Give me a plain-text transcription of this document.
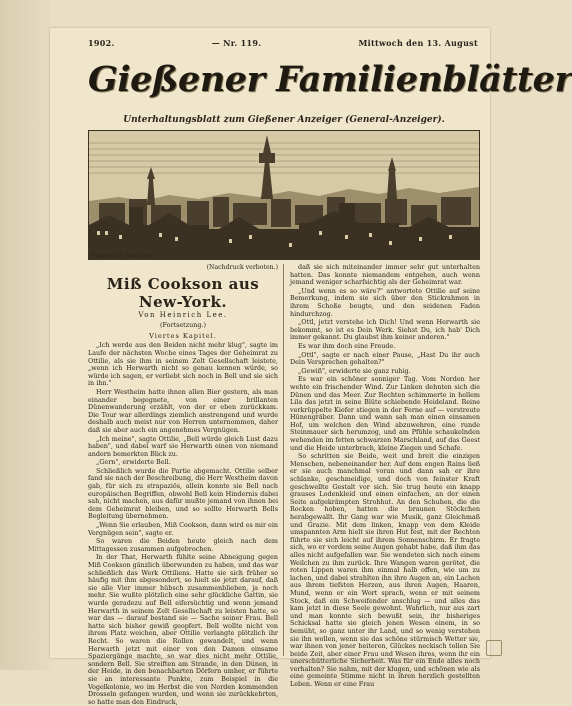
1902.	— Nr. 119.	Mittwoch den 13. August
Gießener Familienblätter
Unterhaltungsblatt zum Gießener Anzeiger (General-Anzeiger).
Photogr. Aufn. E. Maul, Gießen.
(Nachdruck verboten.)
Miß Cookson aus New-York.
Von Heinrich Lee.
(Fortsetzung.)
Viertes Kapitel.

„Ich werde aus den Beiden nicht mehr klug", sagte im Laufe der nächsten Woche eines Tages der Geheimrat zu Ottilie, als sie ihm in seinem Zelt Gesellschaft leistete, „wenn ich Herwarth nicht so genau kennen würde, so würde ich sagen, er verliebt sich noch in Bell und sie sich in ihn."

Herr Westheim hatte ihnen allen Bier gestern, als man einander begegnete, von einer brillanten Dünenwanderung erzählt, von der er eben zurückkam. Die Tour war allerdings ziemlich anstrengend und wurde deshalb auch meist nur von Herren unternommen, daher daß sie aber auch ein angenehmes Vergnügen.

„Ich meine", sagte Ottilie, „Bell würde gleich Lust dazu haben", und dabei warf sie Herwarth einen von niemand andern bemerkten Blick zu.

„Gern", erwiderte Bell.

Schließlich wurde die Partie abgemacht. Ottilie selber fand sie nach der Beschreibung, die Herr Westheim davon gab, für sich zu strapaziös, allein konnte sie Bell nach europäischen Begriffen, obwohl Bell kein Hindernis dabei sah, nicht machen, aus dafür mußte jemand von ihnen bei dem Geheimrat bleiben, und so sollte Herwarth Bells Begleitung übernehmen.

„Wenn Sie erlauben, Miß Cookson, dann wird es mir ein Vergnügen sein", sagte er.

So waren die Beiden heute gleich nach dem Mittagessen zusammen aufgebrochen.

In der That, Herwarth fühlte seine Abneigung gegen Miß Cookson gänzlich überwunden zu haben, und das war schließlich das Werk Ottiliens. Hatte sie sich früher so häufig mit ihm abgesondert, so hielt sie jetzt darauf, daß sie alle Vier immer hübsch zusammenblieben, ja noch mehr. Sie wußte plötzlich eine sehr glückliche Gattin, sie wurde geradezu auf Bell eifersüchtig und wenn jemand Herwarth in seinem Zelt Gesellschaft zu leisten hatte, so war das — darauf bestand sie — Sache seiner Frau. Bell hatte sich bisher gewiß geopfert. Bell wollte nicht von ihrem Platz weichen, aber Ottilie verlangte plötzlich ihr Recht. So waren die Rollen gewandelt, und wenn Herwarth jetzt mit einer von den Damen einsame Spaziergänge machte, so war dies nicht mehr Ottilie, sondern Bell. Sie streiften am Strande, in den Dünen, in der Heide, in den benachbarten Dörfern umher, er führte sie an interessante Punkte, zum Beispiel in die Vogelkolonie, wo im Herbst die von Norden kommenden Drosseln gefangen wurden, und wenn sie zurückkehrten, so hatte man den Eindruck,

daß sie sich miteinander immer sehr gut unterhalten hatten. Das konnte niemandem entgehen, auch wenn jemand weniger scharfsichtig als der Geheimrat war.

„Und wenn es so wäre?" antwortete Ottilie auf seine Bemerkung, indem sie sich über den Stickrahmen in ihrem Schoße beugte, und den seidenen Faden hindurchzog.

„Ottl, jetzt verstehe ich Dich! Und wenn Herwarth sie bekommt, so ist es Dein Werk. Siehst Du, ich hab' Dich immer gekannt. Du glaubst ihm keiner anderen."

Es war ihm doch eine Freude.

„Ottl", sagte er nach einer Pause, „Hast Du ihr auch Dein Versprechen gehalten?"

„Gewiß", erwiderte sie ganz ruhig.

Es war ein schöner sonniger Tag. Vom Norden her wehte ein frischender Wind. Zur Linken dehnten sich die Dünen und das Meer. Zur Rechten schimmerte in hellem Lila das jetzt in seine Blüte schiebende Heideland. Reine verkrüppelte Kiefer stiegen in der Ferne auf — verstreute Hünengräber. Dann und wann sah man einen einsamen Hof, um welchen den Wind abzuwehren, eine runde Steinmauer sich herumzog, und am Pfühle schaukelnden wehenden im fetten schwarzen Marschland, auf das Geest und die Heide unterbrach, kleine Ziegen und Schafe.

So schritten sie Beide, weit und breit die einzigen Menschen, nebeneinander her. Auf dem engen Rains ließ er sie auch manchmal voran und dann sah er ihre schlanke, geschmeidige, und doch von feinster Kraft geschwellte Gestalt vor sich. Sie trug heute ein knapp grauses Lodenkleid und einen einfachen, an der einen Seite aufgekrämpten Strohhut. An den Schuhen, die die Rocken hoben, hatten die braunen Stöckchen herabgewallt. Ihr Gang war wie Musik, ganz Gleichmaß und Grazie. Mit dem linken, knapp von dem Kleide umspannten Arm hielt sie ihren Hut fest, mit der Rechten führte sie sich leicht auf ihrem Sonnenschirm. Er fragte sich, wo er vordem seine Augen gehabt habe, daß ihm das alles nicht aufgefallen war. Sie wendeten sich nach einem Weilchen zu ihm zurück. Ihre Wangen waren gerötet, die roten Lippen waren ihm einmal halb offen, wie um zu lachen, und dabei strahlten ihn ihre Augen an, ein Lachen aus ihrem tiefsten Herzen, aus ihren Augen, Haaren, Mund, wenn er ein Wort sprach, wenn er mit seinem Stock, daß ein Schweifender anschlug — und alles das kam jetzt in diese Seele gewohnt. Wahrlich, nur aus zart und man konnte sich bewußt sein, ihr bisheriges Schicksal hatte sie gleich jenen Wesen einem, in so bemüht, so ganz unter ihr Land, und so wenig verstehen sie ihn wollen, wenn sie das schöne stürmisch Wetter sie, war ihnen von jener heiteren, Glückes neckisch tollen Sie beide Zeit, aber einer Frau und Wesen ihres, wenn ihr ein unerschütterliche Sicherheit. Was für ein Ende alles noch verhalten? Sie nahm, mit der klugen, und schönen wie als eine gemeinte Stimme nicht in ihren herzlich gestellten Leben. Wenn er eine Frau
